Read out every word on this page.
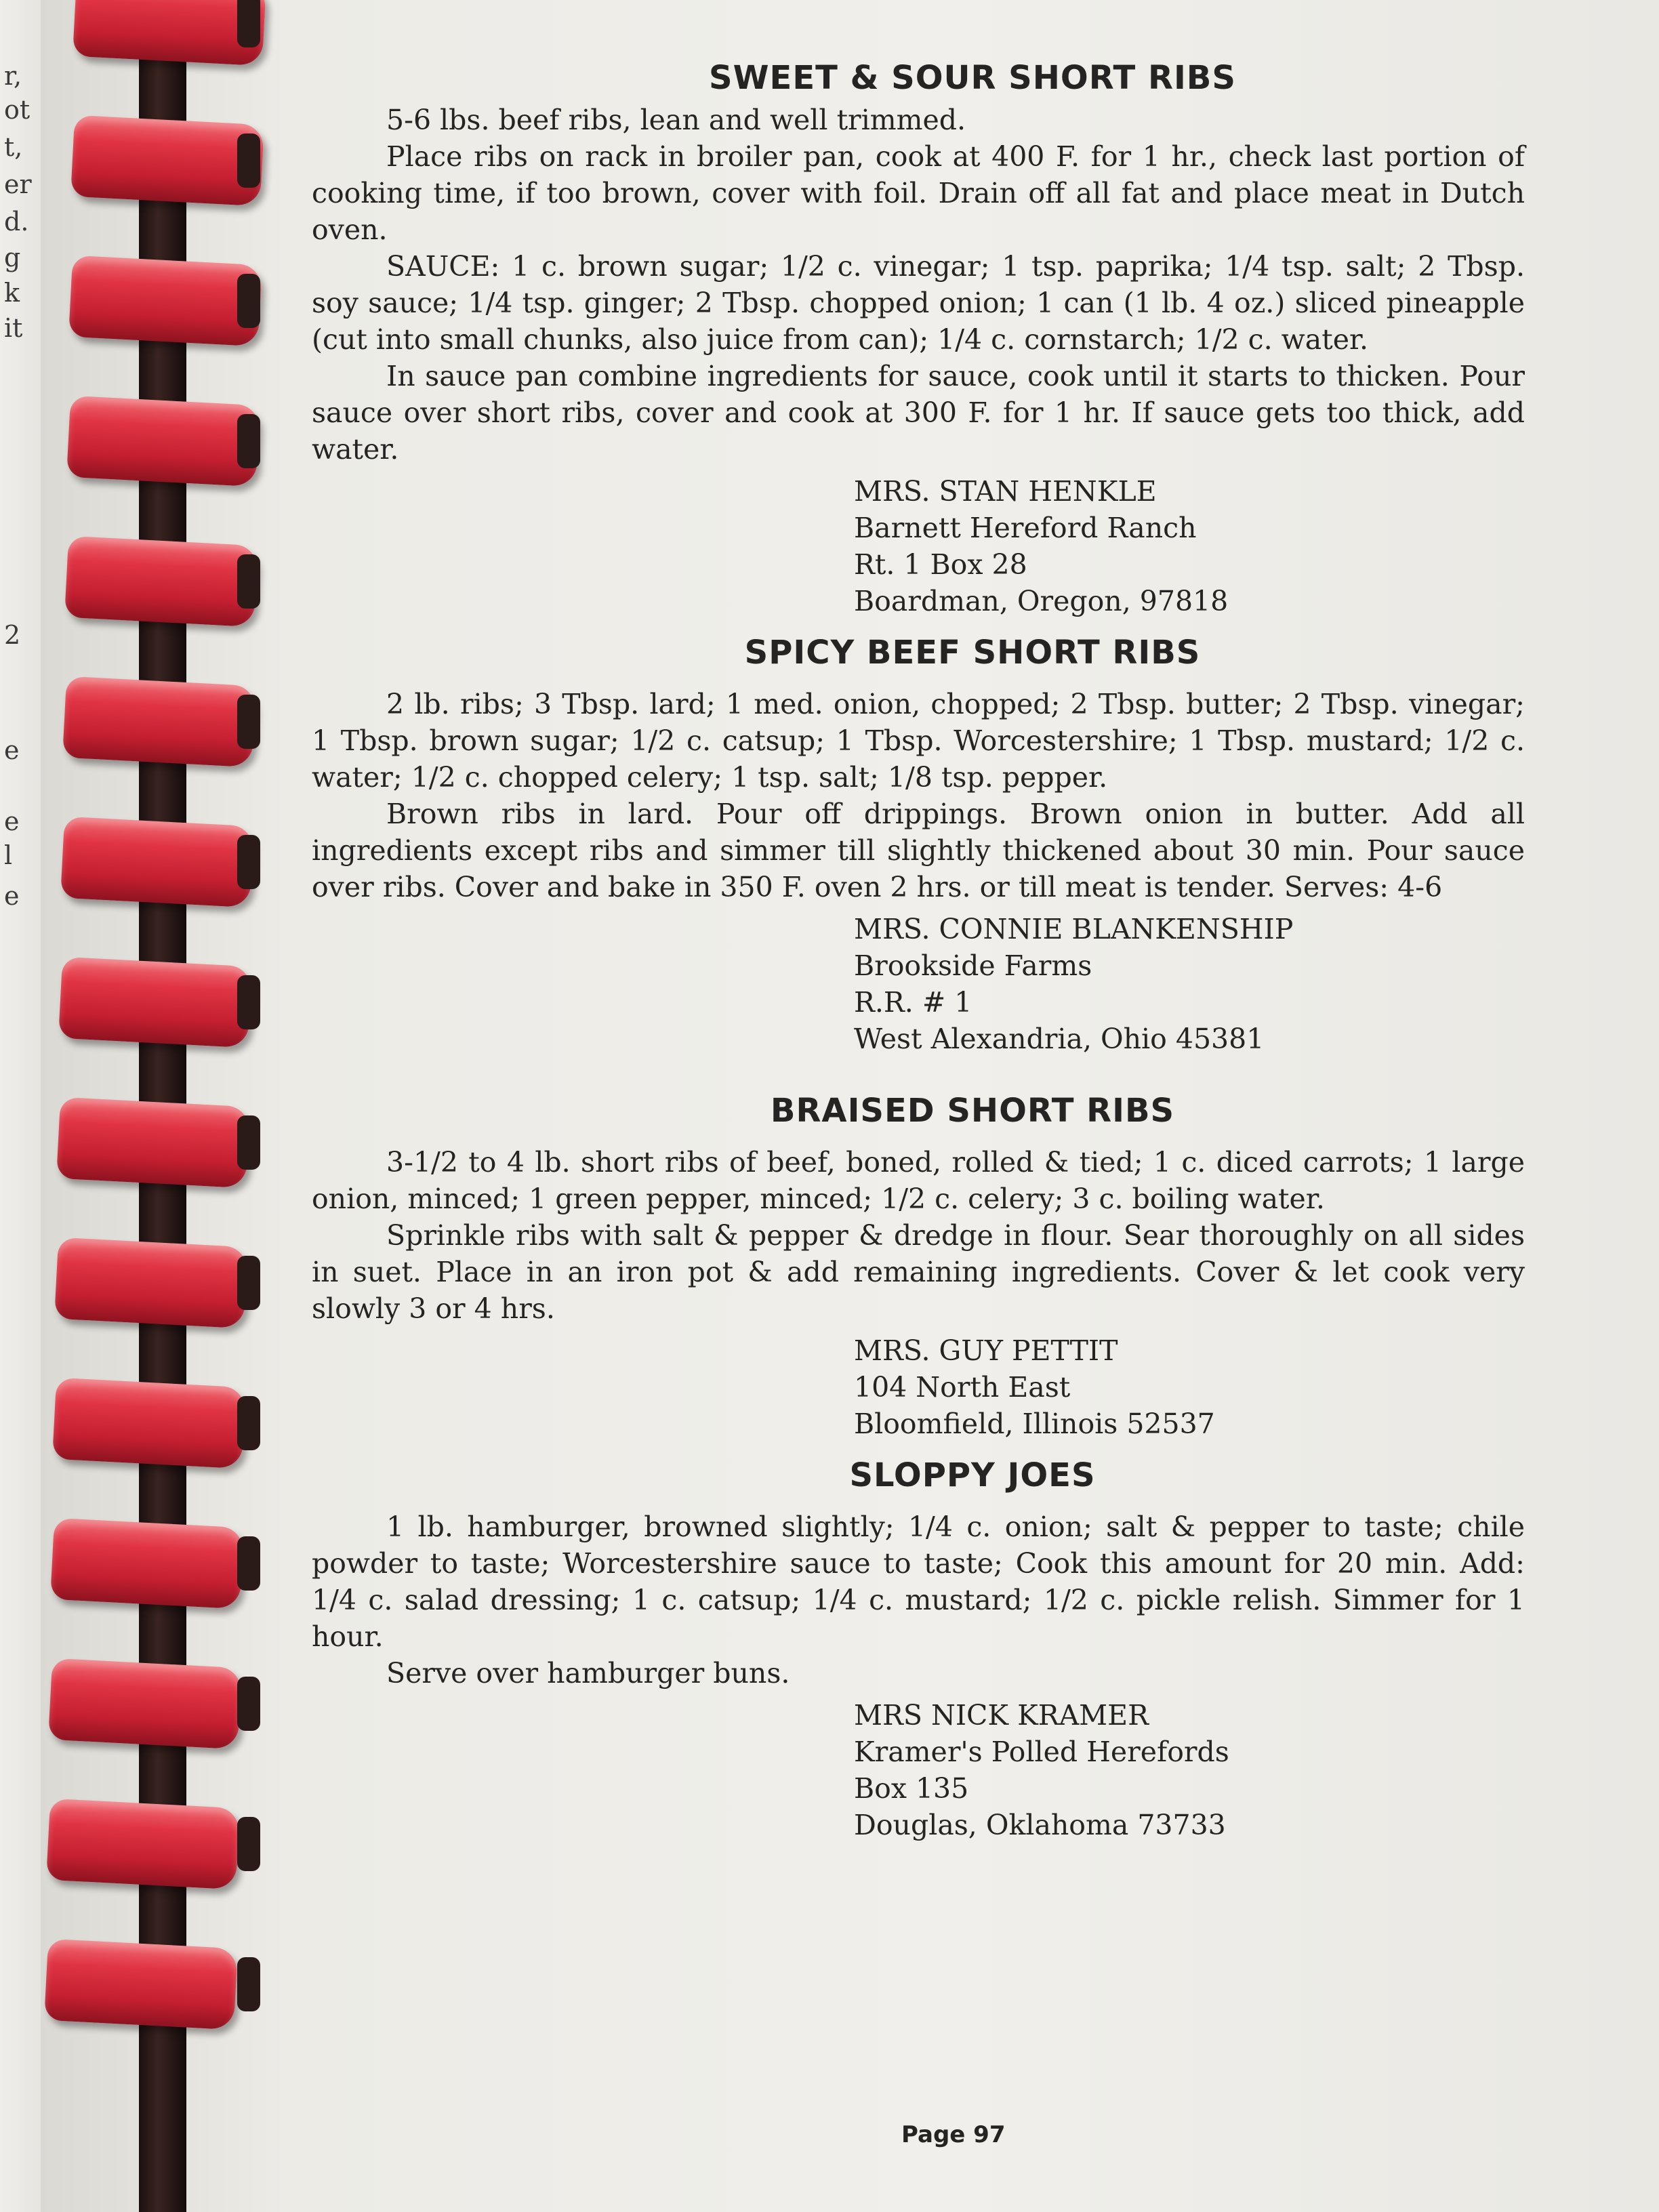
r,
ot
t,
er
d.
g
k
it
2
e
e
l
e
SWEET & SOUR SHORT RIBS

5-6 lbs. beef ribs, lean and well trimmed.

Place ribs on rack in broiler pan, cook at 400 F. for 1 hr., check last portion of cooking time, if too brown, cover with foil. Drain off all fat and place meat in Dutch oven.

SAUCE: 1 c. brown sugar; 1/2 c. vinegar; 1 tsp. paprika; 1/4 tsp. salt; 2 Tbsp. soy sauce; 1/4 tsp. ginger; 2 Tbsp. chopped onion; 1 can (1 lb. 4 oz.) sliced pineapple (cut into small chunks, also juice from can); 1/4 c. cornstarch; 1/2 c. water.

In sauce pan combine ingredients for sauce, cook until it starts to thicken. Pour sauce over short ribs, cover and cook at 300 F. for 1 hr. If sauce gets too thick, add water.

MRS. STAN HENKLE
Barnett Hereford Ranch
Rt. 1 Box 28
Boardman, Oregon, 97818
SPICY BEEF SHORT RIBS

2 lb. ribs; 3 Tbsp. lard; 1 med. onion, chopped; 2 Tbsp. butter; 2 Tbsp. vinegar; 1 Tbsp. brown sugar; 1/2 c. catsup; 1 Tbsp. Worcestershire; 1 Tbsp. mustard; 1/2 c. water; 1/2 c. chopped celery; 1 tsp. salt; 1/8 tsp. pepper.

Brown ribs in lard. Pour off drippings. Brown onion in butter. Add all ingredients except ribs and simmer till slightly thickened about 30 min. Pour sauce over ribs. Cover and bake in 350 F. oven 2 hrs. or till meat is tender. Serves: 4-6

MRS. CONNIE BLANKENSHIP
Brookside Farms
R.R. # 1
West Alexandria, Ohio 45381
BRAISED SHORT RIBS

3-1/2 to 4 lb. short ribs of beef, boned, rolled & tied; 1 c. diced carrots; 1 large onion, minced; 1 green pepper, minced; 1/2 c. celery; 3 c. boiling water.

Sprinkle ribs with salt & pepper & dredge in flour. Sear thoroughly on all sides in suet. Place in an iron pot & add remaining ingredients. Cover & let cook very slowly 3 or 4 hrs.

MRS. GUY PETTIT
104 North East
Bloomfield, Illinois 52537
SLOPPY JOES

1 lb. hamburger, browned slightly; 1/4 c. onion; salt & pepper to taste; chile powder to taste; Worcestershire sauce to taste; Cook this amount for 20 min. Add: 1/4 c. salad dressing; 1 c. catsup; 1/4 c. mustard; 1/2 c. pickle relish. Simmer for 1 hour.

Serve over hamburger buns.

MRS NICK KRAMER
Kramer's Polled Herefords
Box 135
Douglas, Oklahoma 73733
Page 97
